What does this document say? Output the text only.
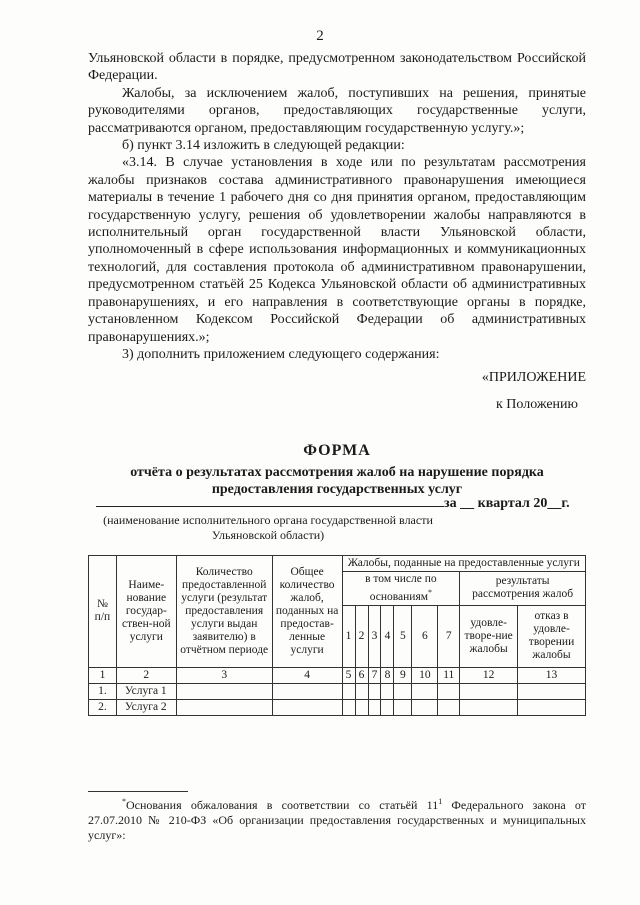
2

Ульяновской области в порядке, предусмотренном законодательством Российской Федерации.

Жалобы, за исключением жалоб, поступивших на решения, принятые руководителями органов, предоставляющих государственные услуги, рассматриваются органом, предоставляющим государственную услугу.»;

б) пункт 3.14 изложить в следующей редакции:

«3.14. В случае установления в ходе или по результатам рассмотрения жалобы признаков состава административного правонарушения имеющиеся материалы в течение 1 рабочего дня со дня принятия органом, предоставляющим государственную услугу, решения об удовлетворении жалобы направляются в исполнительный орган государственной власти Ульяновской области, уполномоченный в сфере использования информационных и коммуникационных технологий, для составления протокола об административном правонарушении, предусмотренном статьёй 25 Кодекса Ульяновской области об административных правонарушениях, и его направления в соответствующие органы в порядке, установленном Кодексом Российской Федерации об административных правонарушениях.»;

3) дополнить приложением следующего содержания:

«ПРИЛОЖЕНИЕ

к Положению

ФОРМА
отчёта о результатах рассмотрения жалоб на нарушение порядка
предоставления государственных услуг
за __ квартал 20__г.
(наименование исполнительного органа государственной власти Ульяновской области)
№ п/п	Наиме-нование государ-ствен-ной услуги	Количество предоставленной услуги (результат предоставления услуги выдан заявителю) в отчётном периоде	Общее количество жалоб, поданных на предостав-ленные услуги	Жалобы, поданные на предоставленные услуги								
				в том числе по основаниям*							результаты рассмотрения жалоб	
				1	2	3	4	5	6	7	удовле-творе-ние жалобы	отказ в удовле-творении жалобы
1	2	3	4	5	6	7	8	9	10	11	12	13
1.	Услуга 1											
2.	Услуга 2											

*Основания обжалования в соответствии со статьёй $11^1$ Федерального закона от 27.07.2010 № 210-ФЗ «Об организации предоставления государственных и муниципальных услуг»:
